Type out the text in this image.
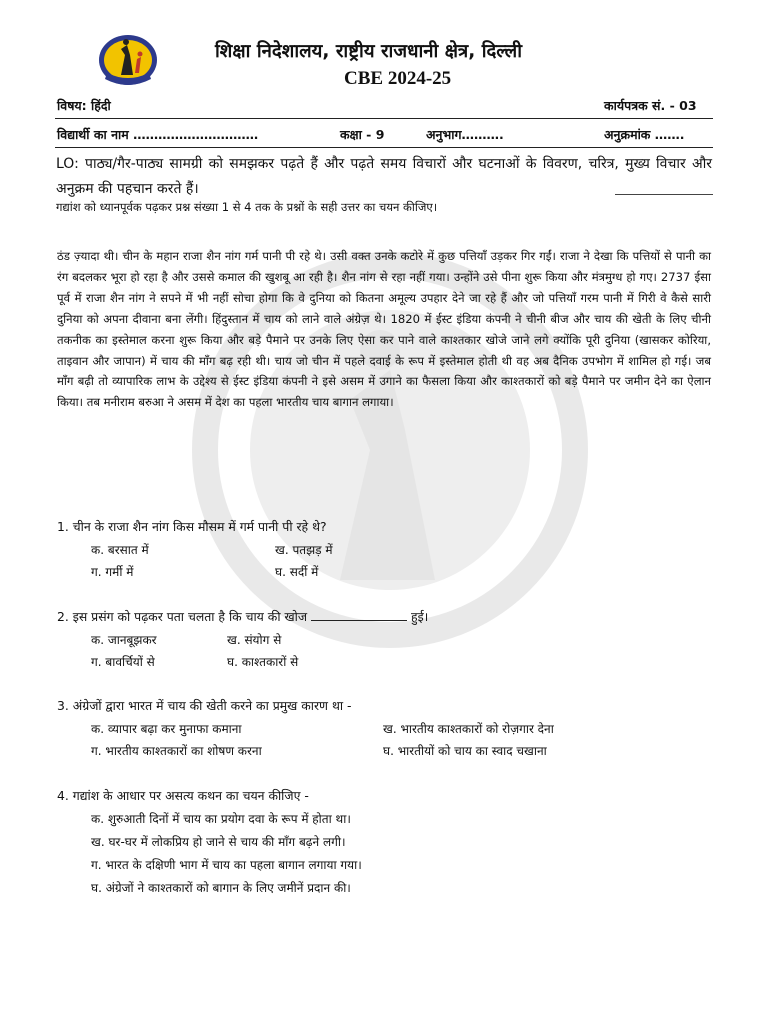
शिक्षा निदेशालय, राष्ट्रीय राजधानी क्षेत्र, दिल्ली
CBE 2024-25
विषय: हिंदी	कार्यपत्रक सं. - 03
विद्यार्थी का नाम …………………………	कक्षा - 9	अनुभाग……….	अनुक्रमांक …….
LO: पाठ्य/गैर-पाठ्य सामग्री को समझकर पढ़ते हैं और पढ़ते समय विचारों और घटनाओं के विवरण, चरित्र, मुख्य विचार और अनुक्रम की पहचान करते हैं।
गद्यांश को ध्यानपूर्वक पढ़कर प्रश्न संख्या 1 से 4 तक के प्रश्नों के सही उत्तर का चयन कीजिए।
ठंड ज़्यादा थी। चीन के महान राजा शैन नांग गर्म पानी पी रहे थे। उसी वक्त उनके कटोरे में कुछ पत्तियाँ उड़कर गिर गईं। राजा ने देखा कि पत्तियों से पानी का रंग बदलकर भूरा हो रहा है और उससे कमाल की खुशबू आ रही है। शैन नांग से रहा नहीं गया। उन्होंने उसे पीना शुरू किया और मंत्रमुग्ध हो गए। 2737 ईसा पूर्व में राजा शैन नांग ने सपने में भी नहीं सोचा होगा कि वे दुनिया को कितना अमूल्य उपहार देने जा रहे हैं और जो पत्तियाँ गरम पानी में गिरी वे कैसे सारी दुनिया को अपना दीवाना बना लेंगी। हिंदुस्तान में चाय को लाने वाले अंग्रेज़ थे। 1820 में ईस्ट इंडिया कंपनी ने चीनी बीज और चाय की खेती के लिए चीनी तकनीक का इस्तेमाल करना शुरू किया और बड़े पैमाने पर उनके लिए ऐसा कर पाने वाले काश्तकार खोजे जाने लगे क्योंकि पूरी दुनिया (खासकर कोरिया, ताइवान और जापान) में चाय की माँग बढ़ रही थी। चाय जो चीन में पहले दवाई के रूप में इस्तेमाल होती थी वह अब दैनिक उपभोग में शामिल हो गई। जब माँग बढ़ी तो व्यापारिक लाभ के उद्देश्य से ईस्ट इंडिया कंपनी ने इसे असम में उगाने का फैसला किया और काश्तकारों को बड़े पैमाने पर जमीन देने का ऐलान किया। तब मनीराम बरुआ ने असम में देश का पहला भारतीय चाय बागान लगाया।
1. चीन के राजा शैन नांग किस मौसम में गर्म पानी पी रहे थे?
क. बरसात में	ख. पतझड़ में
ग. गर्मी में	घ. सर्दी में
2. इस प्रसंग को पढ़कर पता चलता है कि चाय की खोज	हुई।
क. जानबूझकर	ख. संयोग से
ग. बावर्चियों से	घ. काश्तकारों से
3. अंग्रेजों द्वारा भारत में चाय की खेती करने का प्रमुख कारण था -
क. व्यापार बढ़ा कर मुनाफा कमाना	ख. भारतीय काश्तकारों को रोज़गार देना
ग. भारतीय काश्तकारों का शोषण करना	घ. भारतीयों को चाय का स्वाद चखाना
4. गद्यांश के आधार पर असत्य कथन का चयन कीजिए -
क. शुरुआती दिनों में चाय का प्रयोग दवा के रूप में होता था।
ख. घर-घर में लोकप्रिय हो जाने से चाय की माँग बढ़ने लगी।
ग. भारत के दक्षिणी भाग में चाय का पहला बागान लगाया गया।
घ. अंग्रेजों ने काश्तकारों को बागान के लिए जमीनें प्रदान की।
